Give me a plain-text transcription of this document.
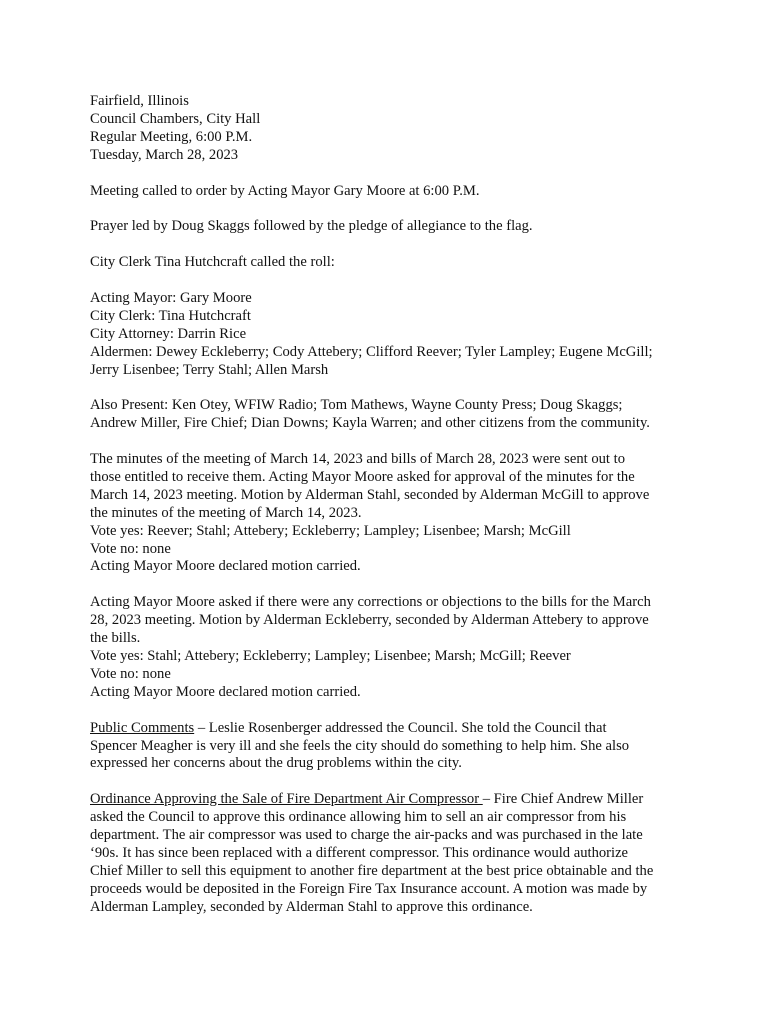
Fairfield, Illinois
Council Chambers, City Hall
Regular Meeting, 6:00 P.M.
Tuesday, March 28, 2023
Meeting called to order by Acting Mayor Gary Moore at 6:00 P.M.
Prayer led by Doug Skaggs followed by the pledge of allegiance to the flag.
City Clerk Tina Hutchcraft called the roll:
Acting Mayor: Gary Moore
City Clerk: Tina Hutchcraft
City Attorney: Darrin Rice
Aldermen: Dewey Eckleberry; Cody Attebery; Clifford Reever; Tyler Lampley; Eugene McGill;
Jerry Lisenbee; Terry Stahl; Allen Marsh
Also Present: Ken Otey, WFIW Radio; Tom Mathews, Wayne County Press; Doug Skaggs;
Andrew Miller, Fire Chief; Dian Downs; Kayla Warren; and other citizens from the community.
The minutes of the meeting of March 14, 2023 and bills of March 28, 2023 were sent out to
those entitled to receive them. Acting Mayor Moore asked for approval of the minutes for the
March 14, 2023 meeting. Motion by Alderman Stahl, seconded by Alderman McGill to approve
the minutes of the meeting of March 14, 2023.
Vote yes: Reever; Stahl; Attebery; Eckleberry; Lampley; Lisenbee; Marsh; McGill
Vote no: none
Acting Mayor Moore declared motion carried.
Acting Mayor Moore asked if there were any corrections or objections to the bills for the March
28, 2023 meeting. Motion by Alderman Eckleberry, seconded by Alderman Attebery to approve
the bills.
Vote yes: Stahl; Attebery; Eckleberry; Lampley; Lisenbee; Marsh; McGill; Reever
Vote no: none
Acting Mayor Moore declared motion carried.
Public Comments – Leslie Rosenberger addressed the Council. She told the Council that
Spencer Meagher is very ill and she feels the city should do something to help him. She also
expressed her concerns about the drug problems within the city.
Ordinance Approving the Sale of Fire Department Air Compressor – Fire Chief Andrew Miller
asked the Council to approve this ordinance allowing him to sell an air compressor from his
department. The air compressor was used to charge the air-packs and was purchased in the late
‘90s. It has since been replaced with a different compressor. This ordinance would authorize
Chief Miller to sell this equipment to another fire department at the best price obtainable and the
proceeds would be deposited in the Foreign Fire Tax Insurance account. A motion was made by
Alderman Lampley, seconded by Alderman Stahl to approve this ordinance.
